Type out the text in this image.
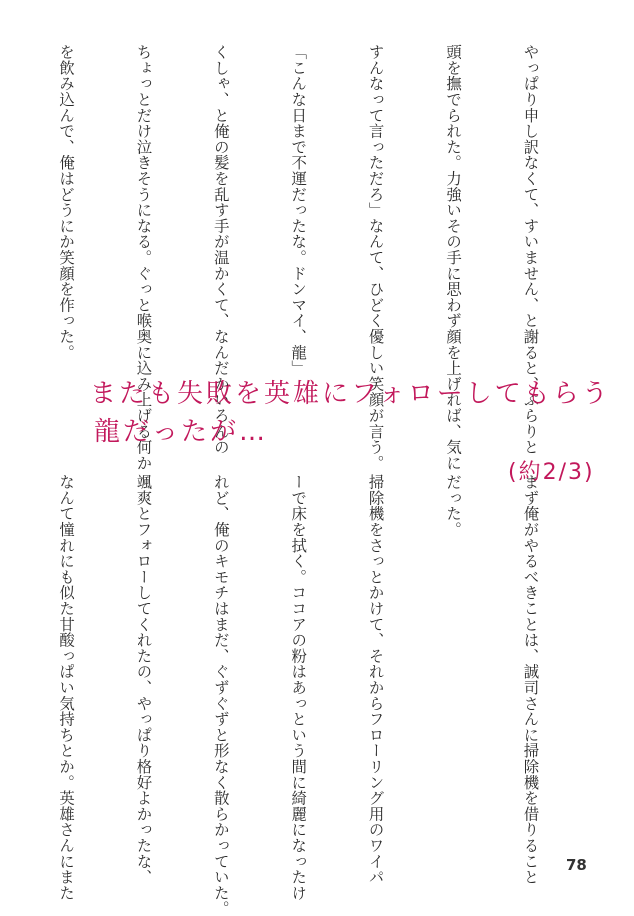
やっぱり申し訳なくて、すいません、と謝ると、ぷらりと

頭を撫でられた。力強いその手に思わず顔を上げれば、気に

すんなって言っただろ」なんて、ひどく優しい笑顔が言う。

「こんな日まで不運だったな。ドンマイ、龍」

くしゃ、と俺の髪を乱す手が温かくて、なんだかいろんの

ちょっとだけ泣きそうになる。ぐっと喉奥に込み上げる何か

を飲み込んで、俺はどうにか笑顔を作った。

またも失敗を英雄にフォローしてもらう
龍だったが…
(約2/3)

まず俺がやるべきことは、誠司さんに掃除機を借りること

だった。

掃除機をさっとかけて、それからフローリング用のワイパ

ーで床を拭く。ココアの粉はあっという間に綺麗になったけ

れど、俺のキモチはまだ、ぐずぐずと形なく散らかっていた。

颯爽とフォローしてくれたの、やっぱり格好よかったな、

なんて憧れにも似た甘酸っぱい気持ちとか。英雄さんにまた

	78
